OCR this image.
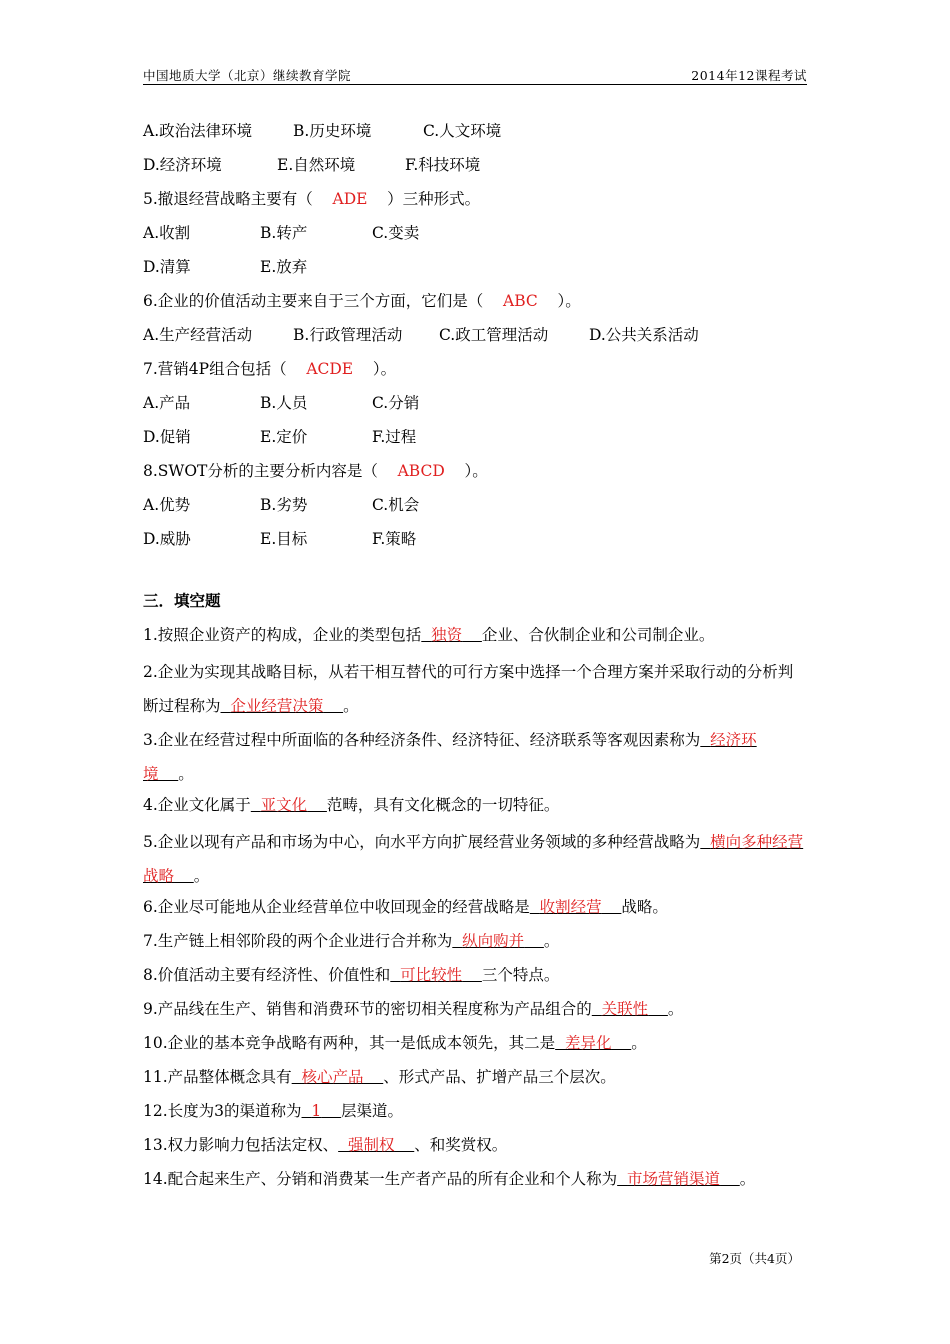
中国地质大学（北京）继续教育学院	2014年12课程考试
A.政治法律环境	B.历史环境	C.人文环境
D.经济环境	E.自然环境	F.科技环境
5.撤退经营战略主要有（ ADE ）三种形式。
A.收割	B.转产	C.变卖
D.清算	E.放弃
6.企业的价值活动主要来自于三个方面，它们是（ ABC ）。
A.生产经营活动	B.行政管理活动 C.政工管理活动	D.公共关系活动
7.营销4P组合包括（ ACDE ）。
A.产品	B.人员	C.分销
D.促销	E.定价	F.过程
8.SWOT分析的主要分析内容是（ ABCD ）。
A.优势	B.劣势	C.机会
D.威胁	E.目标	F.策略
三．填空题
1.按照企业资产的构成，企业的类型包括 独资 企业、合伙制企业和公司制企业。
2.企业为实现其战略目标，从若干相互替代的可行方案中选择一个合理方案并采取行动的分析判断过程称为 企业经营决策 。
3.企业在经营过程中所面临的各种经济条件、经济特征、经济联系等客观因素称为 经济环境 。
4.企业文化属于 亚文化 范畴，具有文化概念的一切特征。
5.企业以现有产品和市场为中心，向水平方向扩展经营业务领域的多种经营战略为 横向多种经营战略 。
6.企业尽可能地从企业经营单位中收回现金的经营战略是 收割经营 战略。
7.生产链上相邻阶段的两个企业进行合并称为 纵向购并 。
8.价值活动主要有经济性、价值性和 可比较性 三个特点。
9.产品线在生产、销售和消费环节的密切相关程度称为产品组合的 关联性 。
10.企业的基本竞争战略有两种，其一是低成本领先，其二是 差异化 。
11.产品整体概念具有 核心产品 、形式产品、扩增产品三个层次。
12.长度为3的渠道称为 1 层渠道。
13.权力影响力包括法定权、 强制权 、和奖赏权。
14.配合起来生产、分销和消费某一生产者产品的所有企业和个人称为 市场营销渠道 。
第2页（共4页）
